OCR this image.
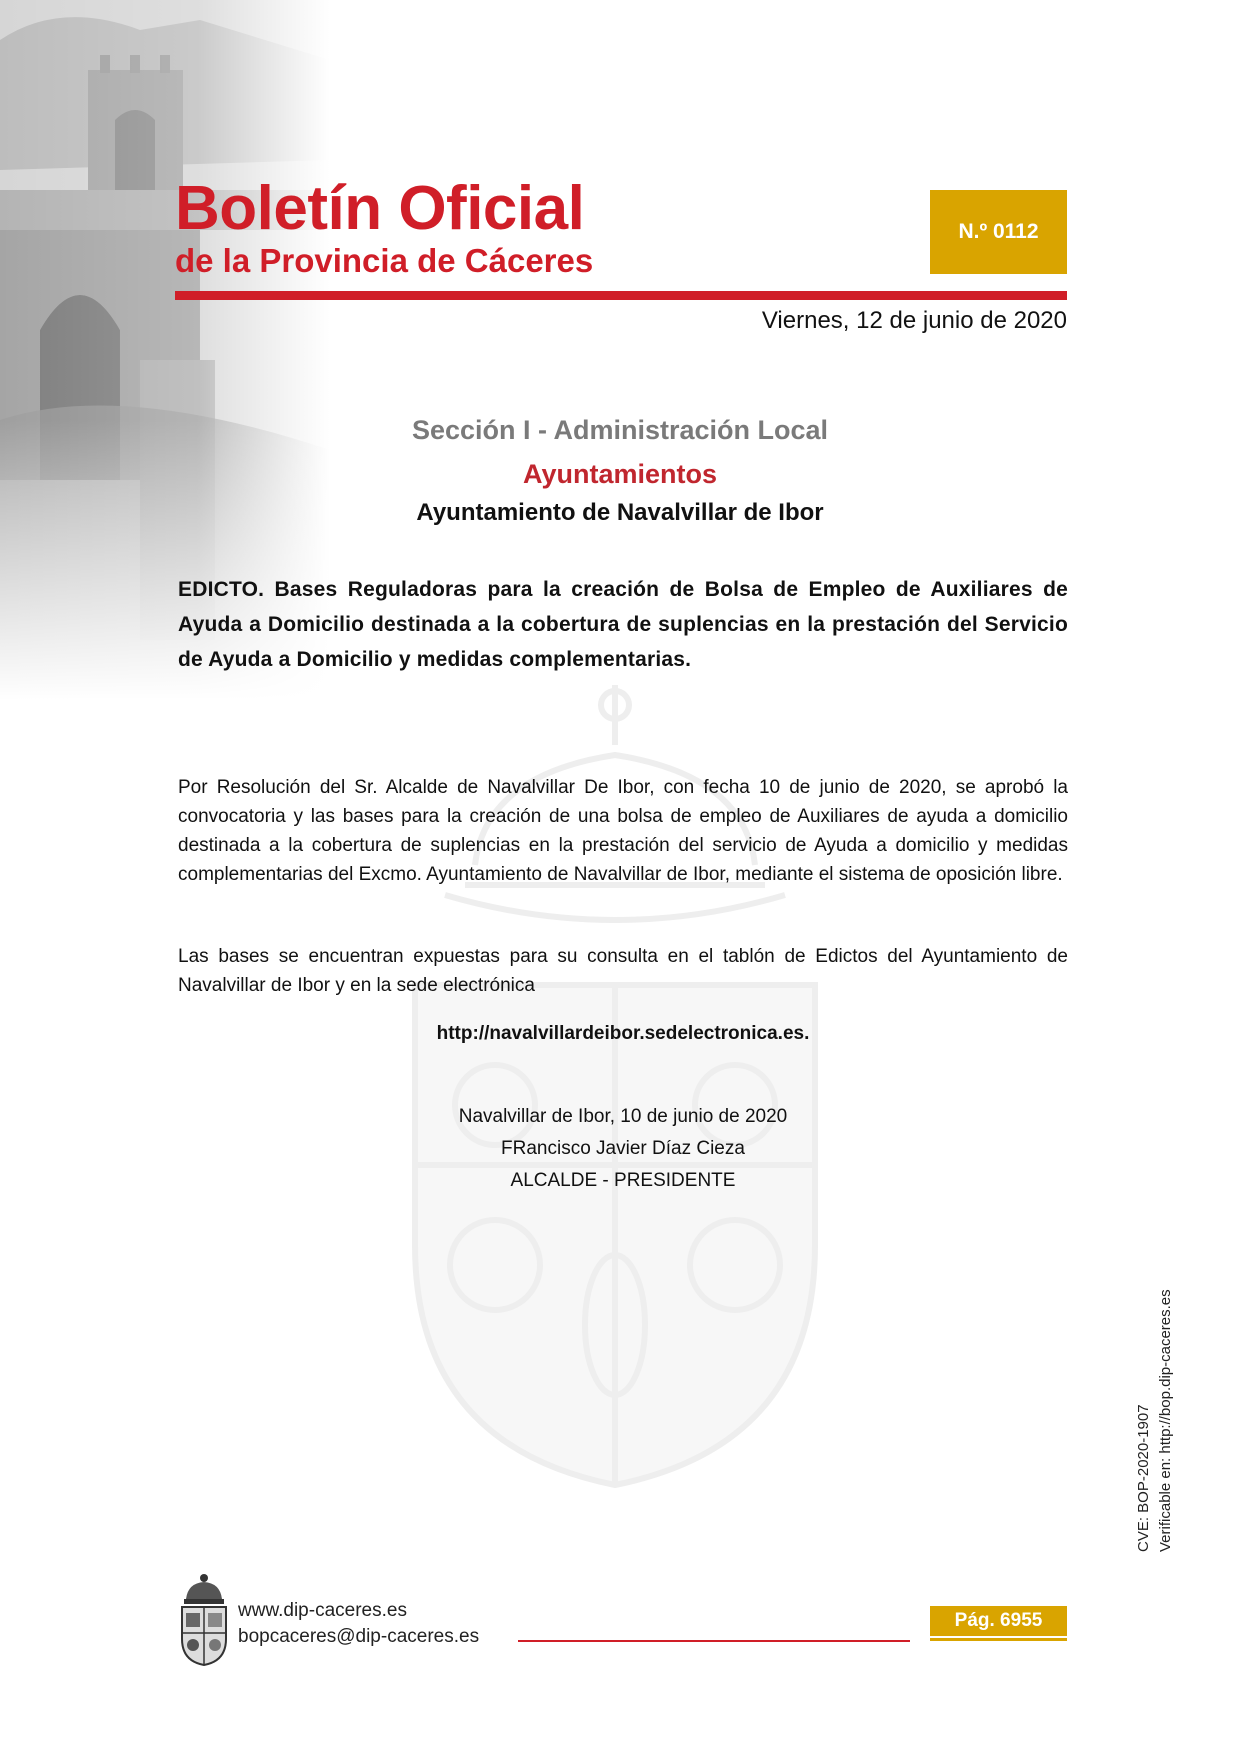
Boletín Oficial
de la Provincia de Cáceres
N.º 0112
Viernes, 12 de junio de 2020
Sección I - Administración Local
Ayuntamientos
Ayuntamiento de Navalvillar de Ibor
EDICTO. Bases Reguladoras para la creación de Bolsa de Empleo de Auxiliares de Ayuda a Domicilio destinada a la cobertura de suplencias en la prestación del Servicio de Ayuda a Domicilio y medidas complementarias.
Por Resolución del Sr. Alcalde de Navalvillar De Ibor, con fecha 10 de junio de 2020, se aprobó la convocatoria y las bases para la creación de una bolsa de empleo de Auxiliares de ayuda a domicilio destinada a la cobertura de suplencias en la prestación del servicio de Ayuda a domicilio y medidas complementarias del Excmo. Ayuntamiento de Navalvillar de Ibor, mediante el sistema de oposición libre.
Las bases se encuentran expuestas para su consulta en el tablón de Edictos del Ayuntamiento de Navalvillar de Ibor y en la sede electrónica
http://navalvillardeibor.sedelectronica.es.
Navalvillar de Ibor, 10 de junio de 2020
FRancisco Javier Díaz Cieza
ALCALDE - PRESIDENTE
CVE: BOP-2020-1907 Verificable en: http://bop.dip-caceres.es
www.dip-caceres.es
bopcaceres@dip-caceres.es
Pág. 6955
